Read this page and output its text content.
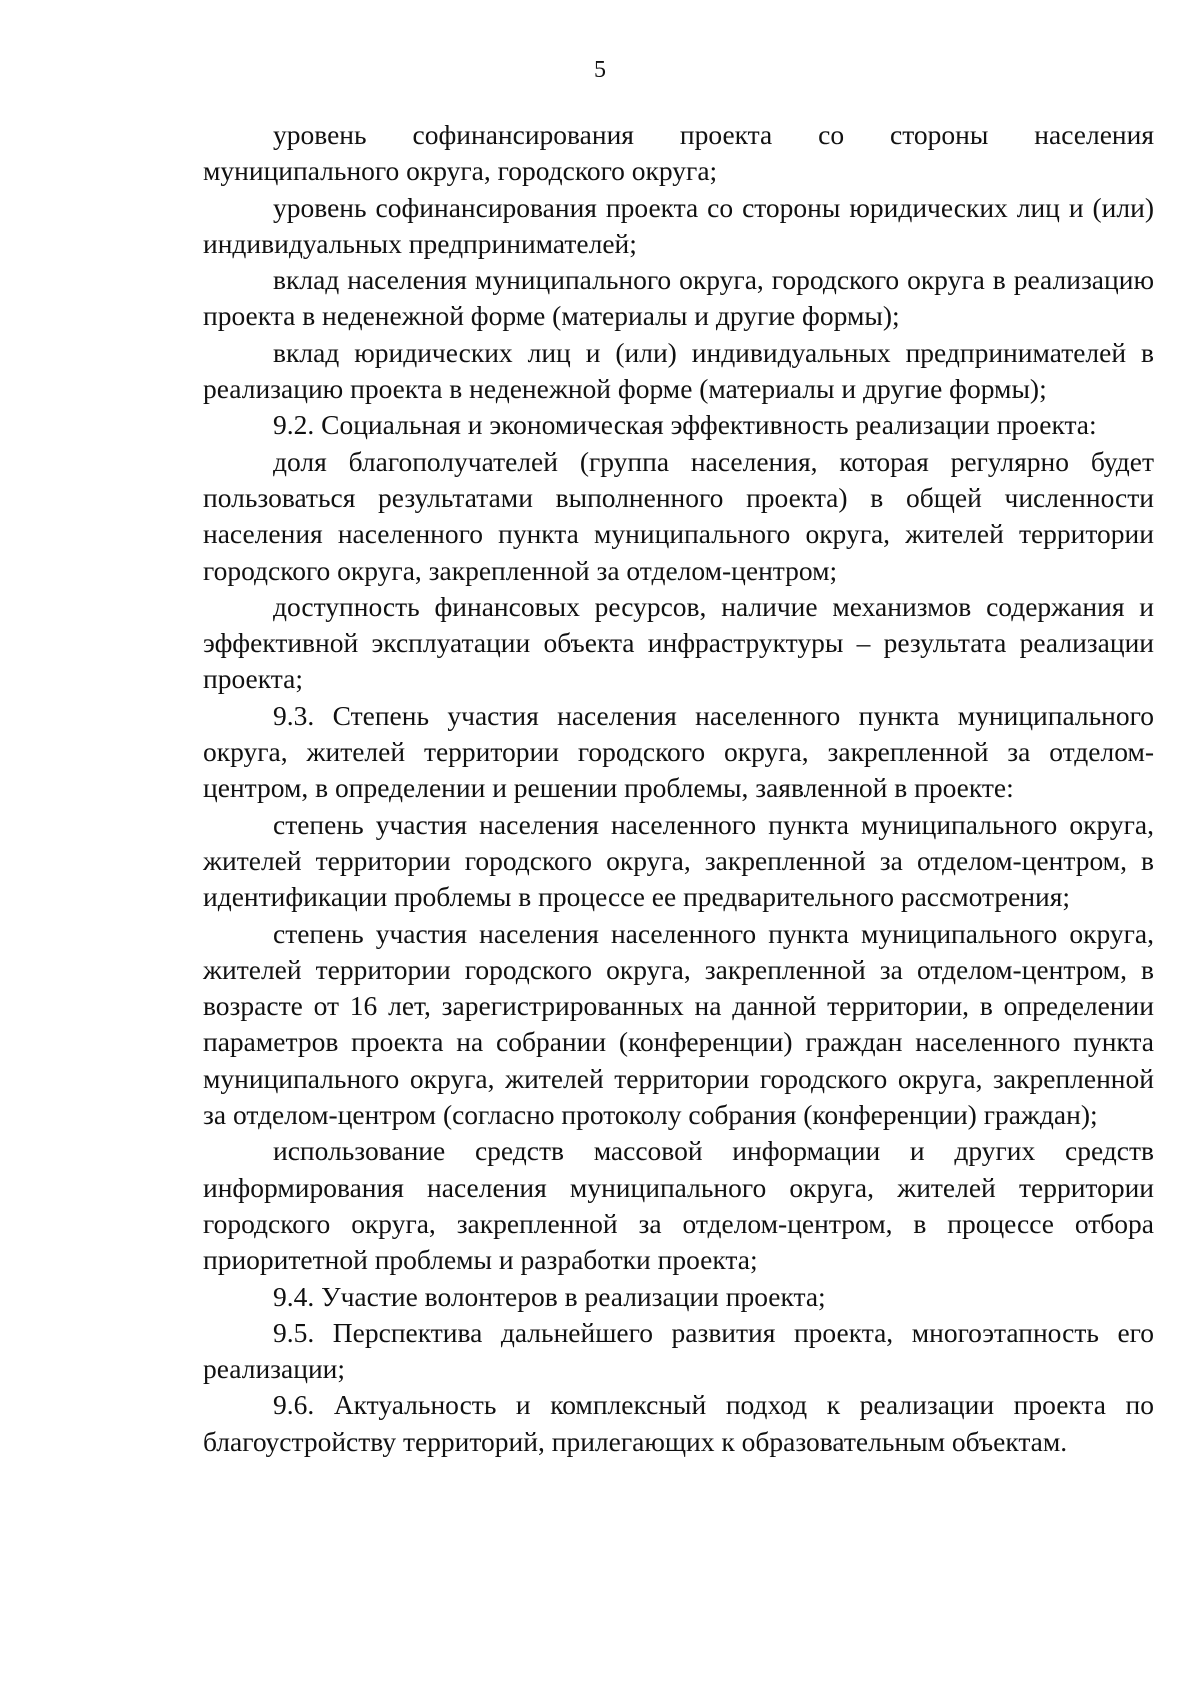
5

уровень софинансирования проекта со стороны населения муниципального округа, городского округа;

уровень софинансирования проекта со стороны юридических лиц и (или) индивидуальных предпринимателей;

вклад населения муниципального округа, городского округа в реализацию проекта в неденежной форме (материалы и другие формы);

вклад юридических лиц и (или) индивидуальных предпринимателей в реализацию проекта в неденежной форме (материалы и другие формы);

9.2. Социальная и экономическая эффективность реализации проекта:

доля благополучателей (группа населения, которая регулярно будет пользоваться результатами выполненного проекта) в общей численности населения населенного пункта муниципального округа, жителей территории городского округа, закрепленной за отделом-центром;

доступность финансовых ресурсов, наличие механизмов содержания и эффективной эксплуатации объекта инфраструктуры – результата реализации проекта;

9.3. Степень участия населения населенного пункта муниципального округа, жителей территории городского округа, закрепленной за отделом-центром, в определении и решении проблемы, заявленной в проекте:

степень участия населения населенного пункта муниципального округа, жителей территории городского округа, закрепленной за отделом-центром, в идентификации проблемы в процессе ее предварительного рассмотрения;

степень участия населения населенного пункта муниципального округа, жителей территории городского округа, закрепленной за отделом-центром, в возрасте от 16 лет, зарегистрированных на данной территории, в определении параметров проекта на собрании (конференции) граждан населенного пункта муниципального округа, жителей территории городского округа, закрепленной за отделом-центром (согласно протоколу собрания (конференции) граждан);

использование средств массовой информации и других средств информирования населения муниципального округа, жителей территории городского округа, закрепленной за отделом-центром, в процессе отбора приоритетной проблемы и разработки проекта;

9.4. Участие волонтеров в реализации проекта;

9.5. Перспектива дальнейшего развития проекта, многоэтапность его реализации;

9.6. Актуальность и комплексный подход к реализации проекта по благоустройству территорий, прилегающих к образовательным объектам.
